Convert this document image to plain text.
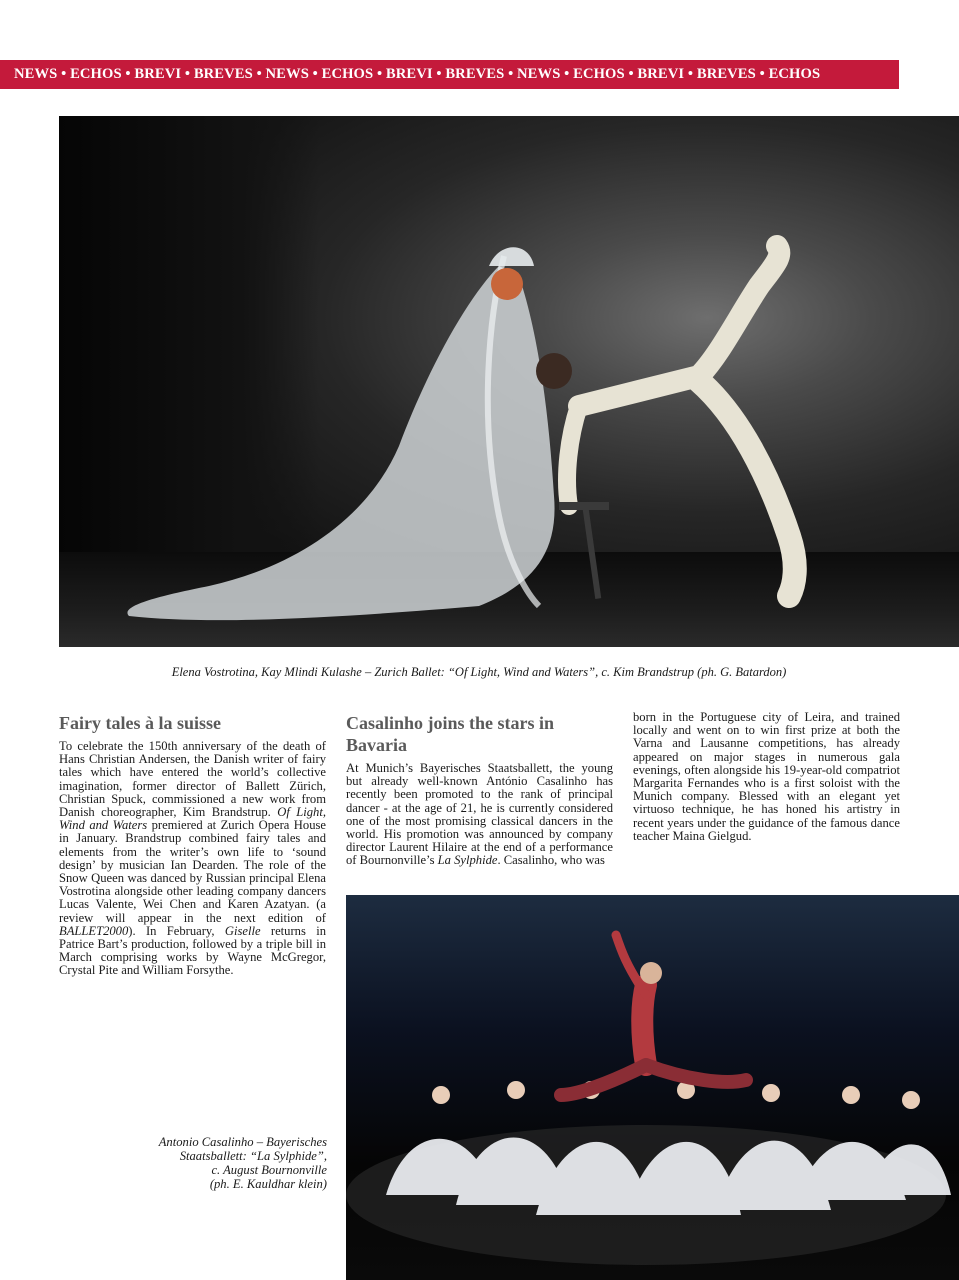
NEWS • ECHOS • BREVI • BREVES • NEWS • ECHOS • BREVI • BREVES • NEWS • ECHOS • BREVI • BREVES • ECHOS
Elena Vostrotina, Kay Mlindi Kulashe – Zurich Ballet: “Of Light, Wind and Waters”, c. Kim Brandstrup (ph. G. Batardon)
Fairy tales à la suisse

To celebrate the 150th anniversary of the death of Hans Christian Andersen, the Danish writer of fairy tales which have entered the world’s collective imagination, former director of Ballett Zürich, Christian Spuck, commissioned a new work from Danish choreographer, Kim Brandstrup. Of Light, Wind and Waters premiered at Zurich Opera House in January. Brandstrup combined fairy tales and elements from the writer’s own life to ‘sound design’ by musician Ian Dearden. The role of the Snow Queen was danced by Russian principal Elena Vostrotina alongside other leading company dancers Lucas Valente, Wei Chen and Karen Azatyan. (a review will appear in the next edition of BALLET2000). In February, Giselle returns in Patrice Bart’s production, followed by a triple bill in March comprising works by Wayne McGregor, Crystal Pite and William Forsythe.

Casalinho joins the stars in Bavaria

At Munich’s Bayerisches Staatsballett, the young but already well-known António Casalinho has recently been promoted to the rank of principal dancer - at the age of 21, he is currently considered one of the most promising classical dancers in the world. His promotion was announced by company director Laurent Hilaire at the end of a performance of Bournonville’s La Sylphide. Casalinho, who was

born in the Portuguese city of Leira, and trained locally and went on to win first prize at both the Varna and Lausanne competitions, has already appeared on major stages in numerous gala evenings, often alongside his 19-year-old compatriot Margarita Fernandes who is a first soloist with the Munich company. Blessed with an elegant yet virtuoso technique, he has honed his artistry in recent years under the guidance of the famous dance teacher Maina Gielgud.

Antonio Casalinho – Bayerisches
Staatsballett: “La Sylphide”,
c. August Bournonville
(ph. E. Kauldhar klein)
